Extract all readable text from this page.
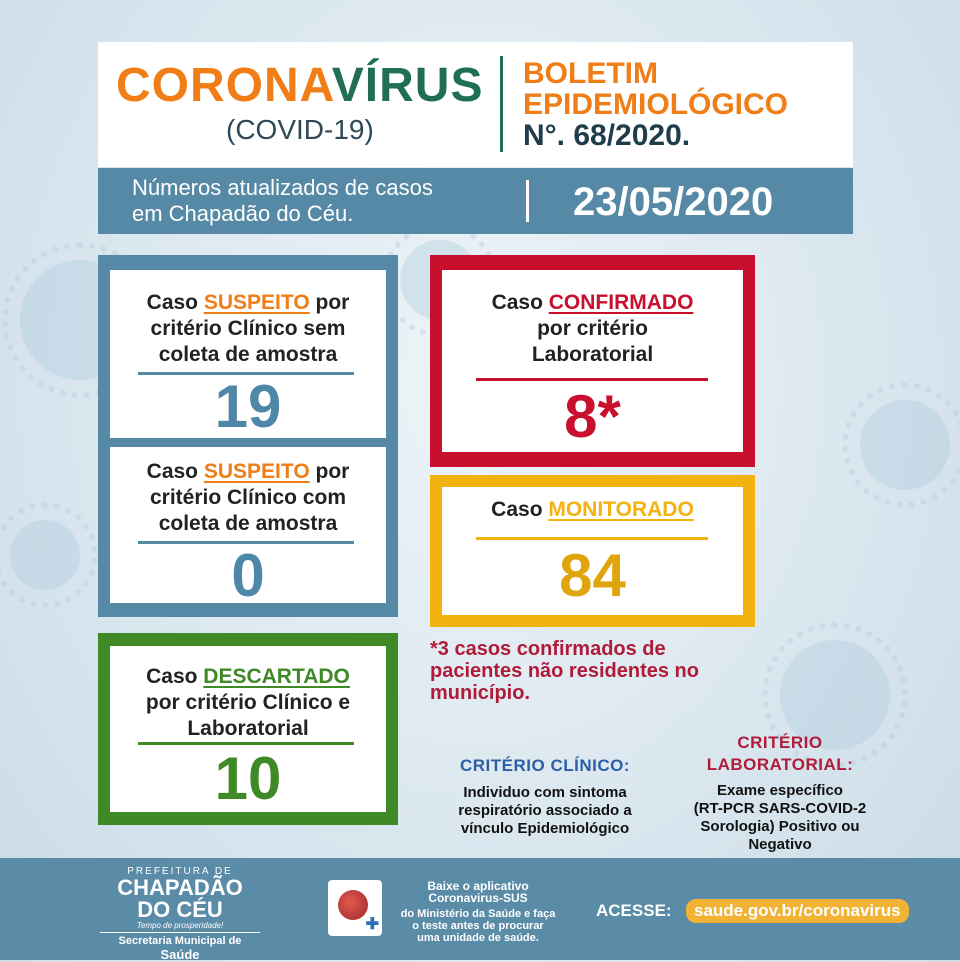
CORONAVÍRUS
(COVID-19)
BOLETIM
EPIDEMIOLÓGICO
N°. 68/2020.
Números atualizados de casos
em Chapadão do Céu.	23/05/2020
Caso SUSPEITO por
critério Clínico sem
coleta de amostra
19
Caso SUSPEITO por
critério Clínico com
coleta de amostra
0
Caso DESCARTADO
por critério Clínico e
Laboratorial
10
Caso CONFIRMADO
por critério
Laboratorial
8*
Caso MONITORADO
84
*3 casos confirmados de pacientes não residentes no município.
CRITÉRIO CLÍNICO:
Individuo com sintoma
respiratório associado a
vínculo Epidemiológico
CRITÉRIO
LABORATORIAL:
Exame específico
(RT-PCR SARS-COVID-2
Sorologia) Positivo ou
Negativo
PREFEITURA DE
CHAPADÃO
DO CÉU
Tempo de prosperidade!
Secretaria Municipal de
Saúde
✚
Baixe o aplicativo
Coronavirus-SUS
do Ministério da Saúde e faça
o teste antes de procurar
uma unidade de saúde.
ACESSE:	saude.gov.br/coronavirus
